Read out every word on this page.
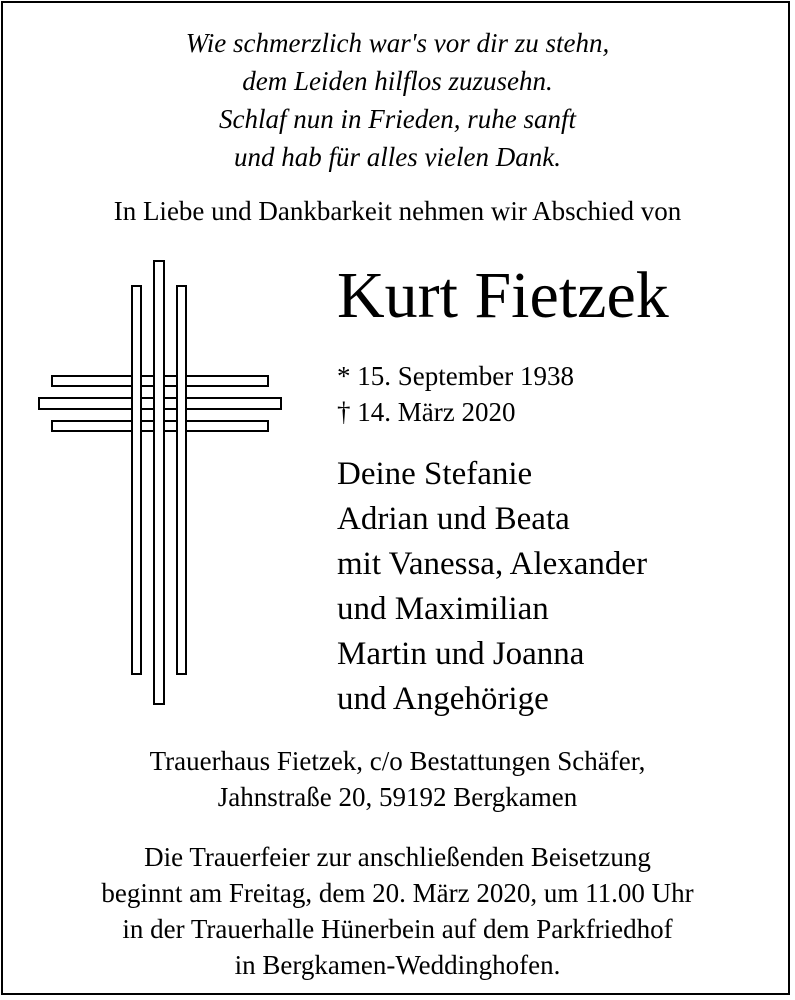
Wie schmerzlich war's vor dir zu stehn,
dem Leiden hilflos zuzusehn.
Schlaf nun in Frieden, ruhe sanft
und hab für alles vielen Dank.
In Liebe und Dankbarkeit nehmen wir Abschied von
Kurt Fietzek
* 15. September 1938
† 14. März 2020
Deine Stefanie
Adrian und Beata
mit Vanessa, Alexander
und Maximilian
Martin und Joanna
und Angehörige
Trauerhaus Fietzek, c/o Bestattungen Schäfer,
Jahnstraße 20, 59192 Bergkamen
Die Trauerfeier zur anschließenden Beisetzung
beginnt am Freitag, dem 20. März 2020, um 11.00 Uhr
in der Trauerhalle Hünerbein auf dem Parkfriedhof
in Bergkamen-Weddinghofen.
